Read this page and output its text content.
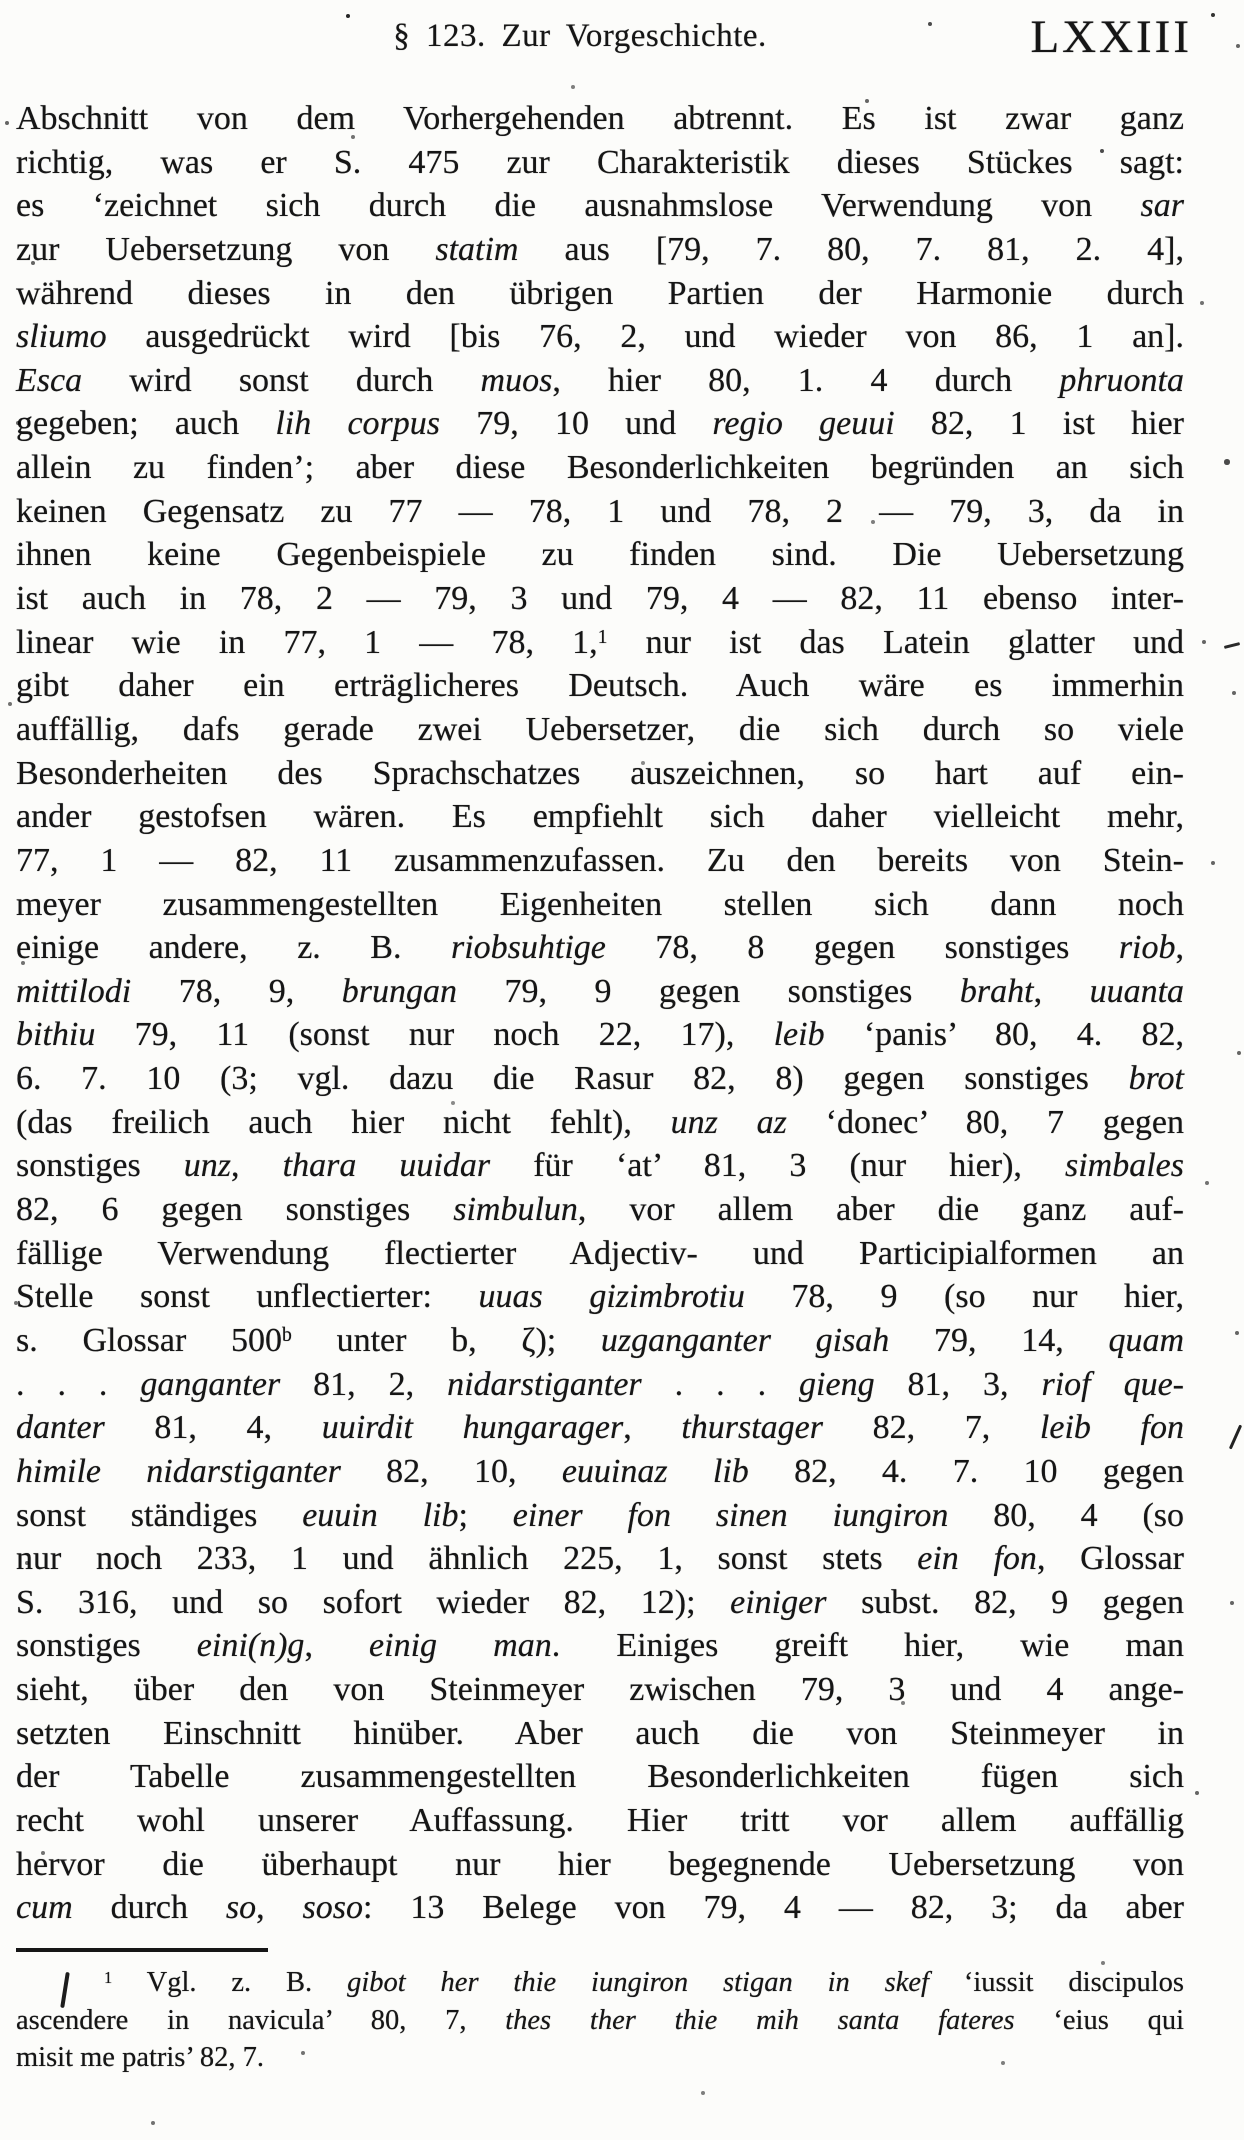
§ 123. Zur Vorgeschichte.	LXXIII
Abschnitt von dem Vorhergehenden abtrennt. Es ist zwar ganz
richtig, was er S. 475 zur Charakteristik dieses Stückes sagt:
es ‘zeichnet sich durch die ausnahmslose Verwendung von sar
zur Uebersetzung von statim aus [79, 7. 80, 7. 81, 2. 4],
während dieses in den übrigen Partien der Harmonie durch
sliumo ausgedrückt wird [bis 76, 2, und wieder von 86, 1 an].
Esca wird sonst durch muos, hier 80, 1. 4 durch phruonta
gegeben; auch lih corpus 79, 10 und regio geuui 82, 1 ist hier
allein zu finden’; aber diese Besonderlichkeiten begründen an sich
keinen Gegensatz zu 77 — 78, 1 und 78, 2 — 79, 3, da in
ihnen keine Gegenbeispiele zu finden sind. Die Uebersetzung
ist auch in 78, 2 — 79, 3 und 79, 4 — 82, 11 ebenso inter-
linear wie in 77, 1 — 78, 1,$^1$ nur ist das Latein glatter und
gibt daher ein erträglicheres Deutsch. Auch wäre es immerhin
auffällig, dafs gerade zwei Uebersetzer, die sich durch so viele
Besonderheiten des Sprachschatzes auszeichnen, so hart auf ein-
ander gestofsen wären. Es empfiehlt sich daher vielleicht mehr,
77, 1 — 82, 11 zusammenzufassen. Zu den bereits von Stein-
meyer zusammengestellten Eigenheiten stellen sich dann noch
einige andere, z. B. riobsuhtige 78, 8 gegen sonstiges riob,
mittilodi 78, 9, brungan 79, 9 gegen sonstiges braht, uuanta
bithiu 79, 11 (sonst nur noch 22, 17), leib ‘panis’ 80, 4. 82,
6. 7. 10 (3; vgl. dazu die Rasur 82, 8) gegen sonstiges brot
(das freilich auch hier nicht fehlt), unz az ‘donec’ 80, 7 gegen
sonstiges unz, thara uuidar für ‘at’ 81, 3 (nur hier), simbales
82, 6 gegen sonstiges simbulun, vor allem aber die ganz auf-
fällige Verwendung flectierter Adjectiv- und Participialformen an
Stelle sonst unflectierter: uuas gizimbrotiu 78, 9 (so nur hier,
s. Glossar 500$^b$ unter b, ζ); uzganganter gisah 79, 14, quam
. . . ganganter 81, 2, nidarstiganter . . . gieng 81, 3, riof que-
danter 81, 4, uuirdit hungarager, thurstager 82, 7, leib fon
himile nidarstiganter 82, 10, euuinaz lib 82, 4. 7. 10 gegen
sonst ständiges euuin lib; einer fon sinen iungiron 80, 4 (so
nur noch 233, 1 und ähnlich 225, 1, sonst stets ein fon, Glossar
S. 316, und so sofort wieder 82, 12); einiger subst. 82, 9 gegen
sonstiges eini(n)g, einig man. Einiges greift hier, wie man
sieht, über den von Steinmeyer zwischen 79, 3 und 4 ange-
setzten Einschnitt hinüber. Aber auch die von Steinmeyer in
der Tabelle zusammengestellten Besonderlichkeiten fügen sich
recht wohl unserer Auffassung. Hier tritt vor allem auffällig
hervor die überhaupt nur hier begegnende Uebersetzung von
cum durch so, soso: 13 Belege von 79, 4 — 82, 3; da aber
$^1$ Vgl. z. B. gibot her thie iungiron stigan in skef ‘iussit discipulos
ascendere in navicula’ 80, 7, thes ther thie mih santa fateres ‘eius qui
misit me patris’ 82, 7.
